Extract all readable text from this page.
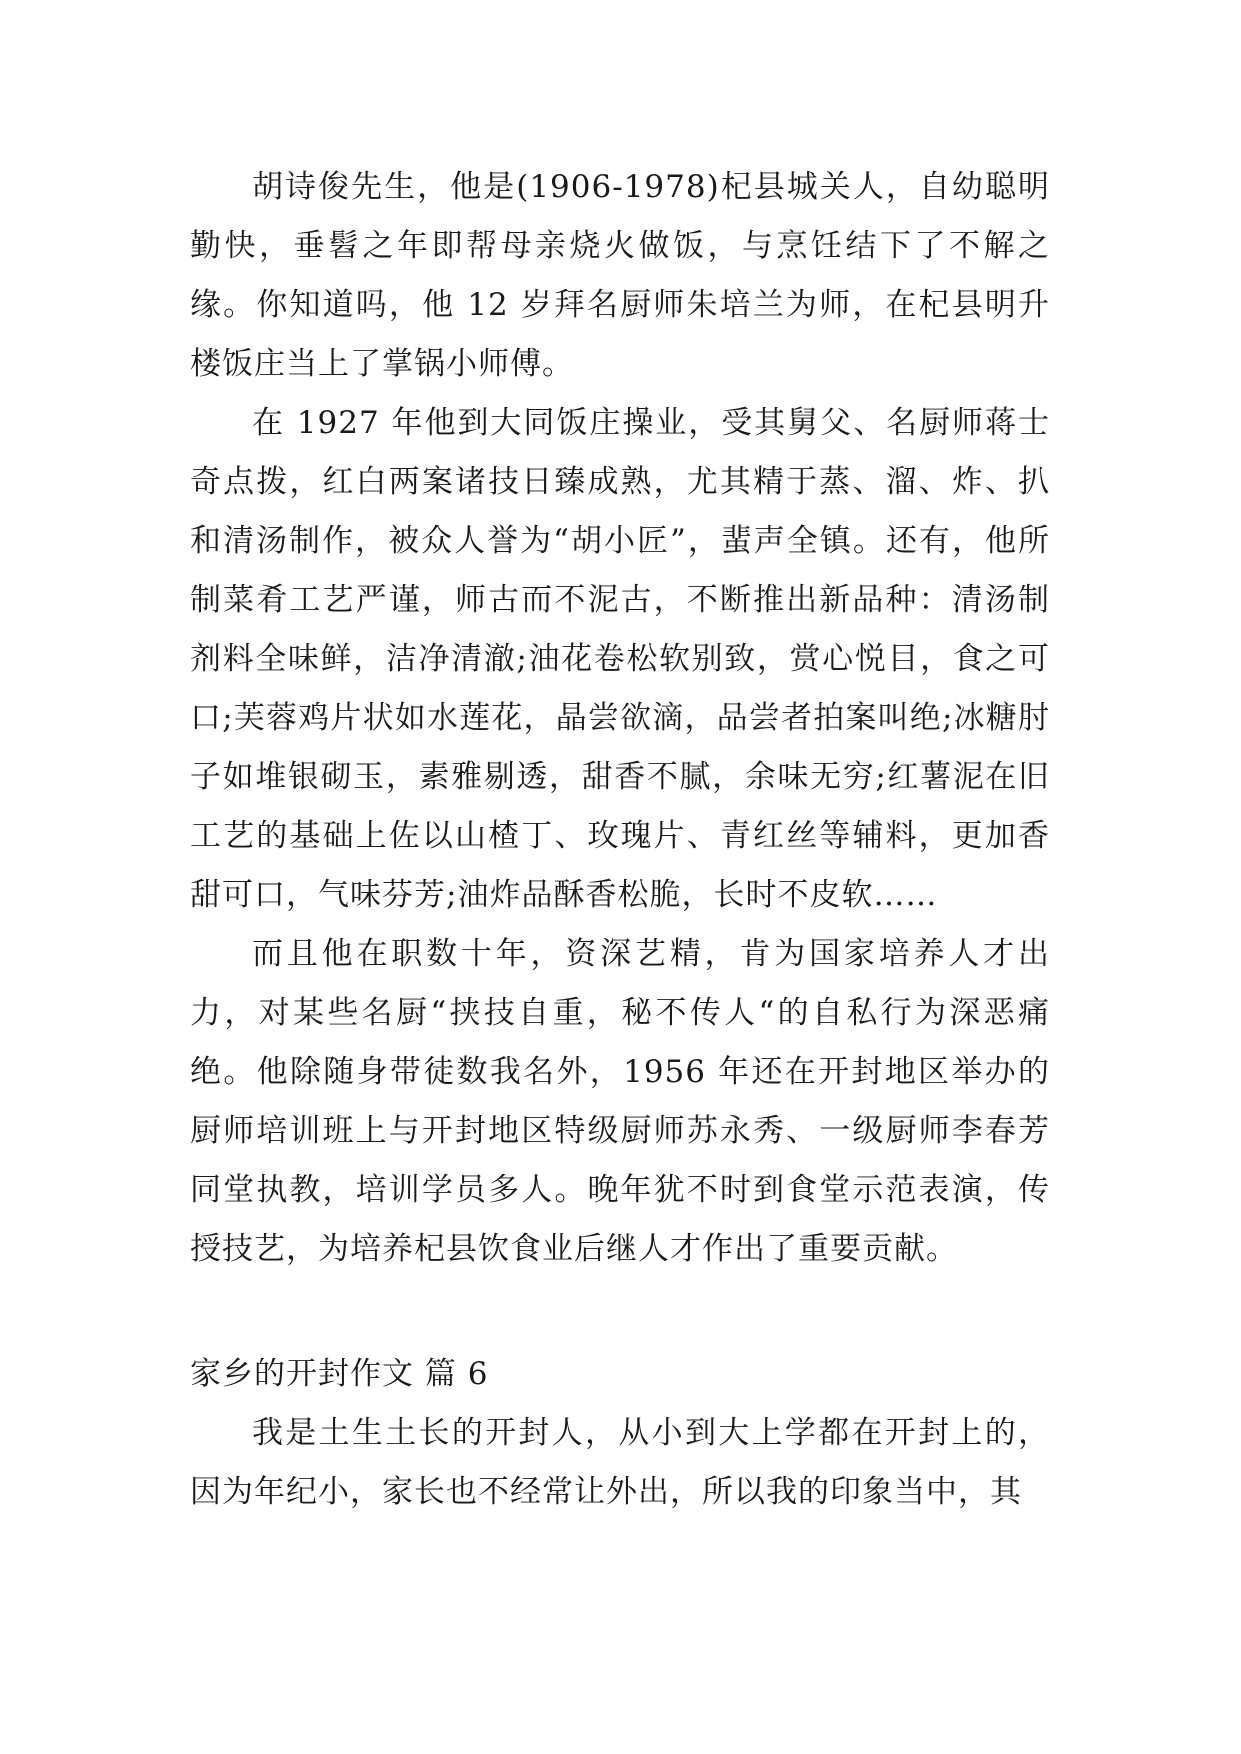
胡诗俊先生，他是(1906-1978)杞县城关人，自幼聪明勤快，垂髫之年即帮母亲烧火做饭，与烹饪结下了不解之缘。你知道吗，他 12 岁拜名厨师朱培兰为师，在杞县明升楼饭庄当上了掌锅小师傅。

在 1927 年他到大同饭庄操业，受其舅父、名厨师蒋士奇点拨，红白两案诸技日臻成熟，尤其精于蒸、溜、炸、扒和清汤制作，被众人誉为“胡小匠”，蜚声全镇。还有，他所制菜肴工艺严谨，师古而不泥古，不断推出新品种：清汤制剂料全味鲜，洁净清澈;油花卷松软别致，赏心悦目，食之可口;芙蓉鸡片状如水莲花，晶尝欲滴，品尝者拍案叫绝;冰糖肘子如堆银砌玉，素雅剔透，甜香不腻，余味无穷;红薯泥在旧工艺的基础上佐以山楂丁、玫瑰片、青红丝等辅料，更加香甜可口，气味芬芳;油炸品酥香松脆，长时不皮软……

而且他在职数十年，资深艺精，肯为国家培养人才出力，对某些名厨“挟技自重，秘不传人“的自私行为深恶痛绝。他除随身带徒数我名外，1956 年还在开封地区举办的厨师培训班上与开封地区特级厨师苏永秀、一级厨师李春芳同堂执教，培训学员多人。晚年犹不时到食堂示范表演，传授技艺，为培养杞县饮食业后继人才作出了重要贡献。

家乡的开封作文 篇 6

我是土生土长的开封人，从小到大上学都在开封上的，因为年纪小，家长也不经常让外出，所以我的印象当中，其
